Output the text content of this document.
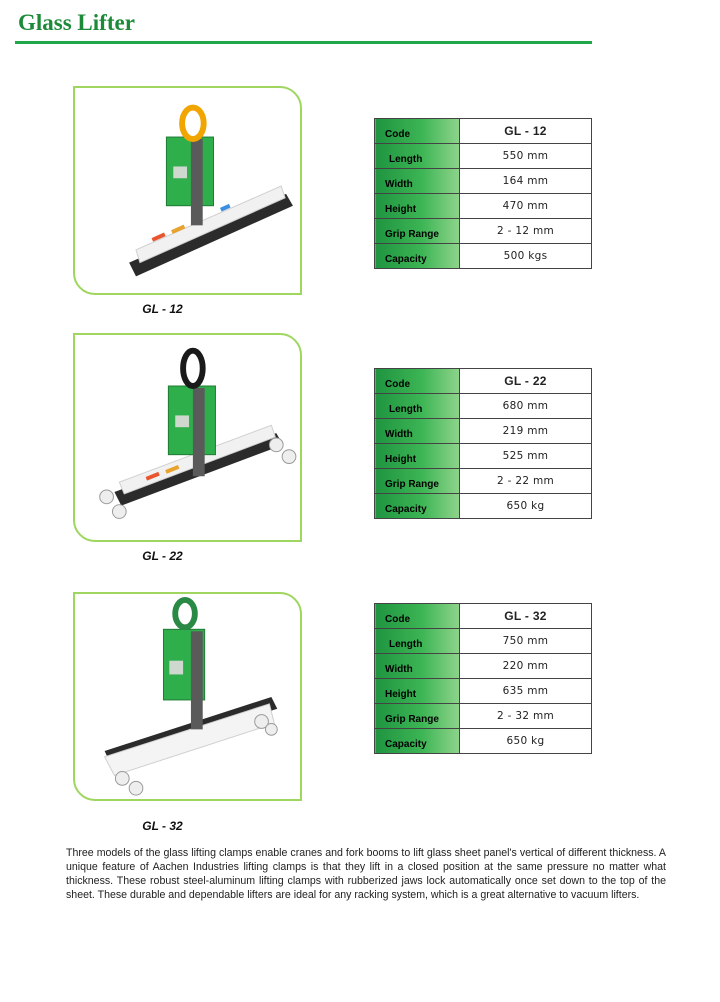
Glass Lifter
GL - 12
Code	GL - 12
Length	550 mm
Width	164 mm
Height	470 mm
Grip Range	2 - 12 mm
Capacity	500 kgs
GL - 22
Code	GL - 22
Length	680 mm
Width	219 mm
Height	525 mm
Grip Range	2 - 22 mm
Capacity	650 kg
GL - 32
Code	GL - 32
Length	750 mm
Width	220 mm
Height	635 mm
Grip Range	2 - 32 mm
Capacity	650 kg

Three models of the glass lifting clamps enable cranes and fork booms to lift glass sheet panel's vertical of different thickness. A unique feature of Aachen Industries lifting clamps is that they lift in a closed position at the same pressure no matter what thickness. These robust steel-aluminum lifting clamps with rubberized jaws lock automatically once set down to the top of the sheet. These durable and dependable lifters are ideal for any racking system, which is a great alternative to vacuum lifters.
